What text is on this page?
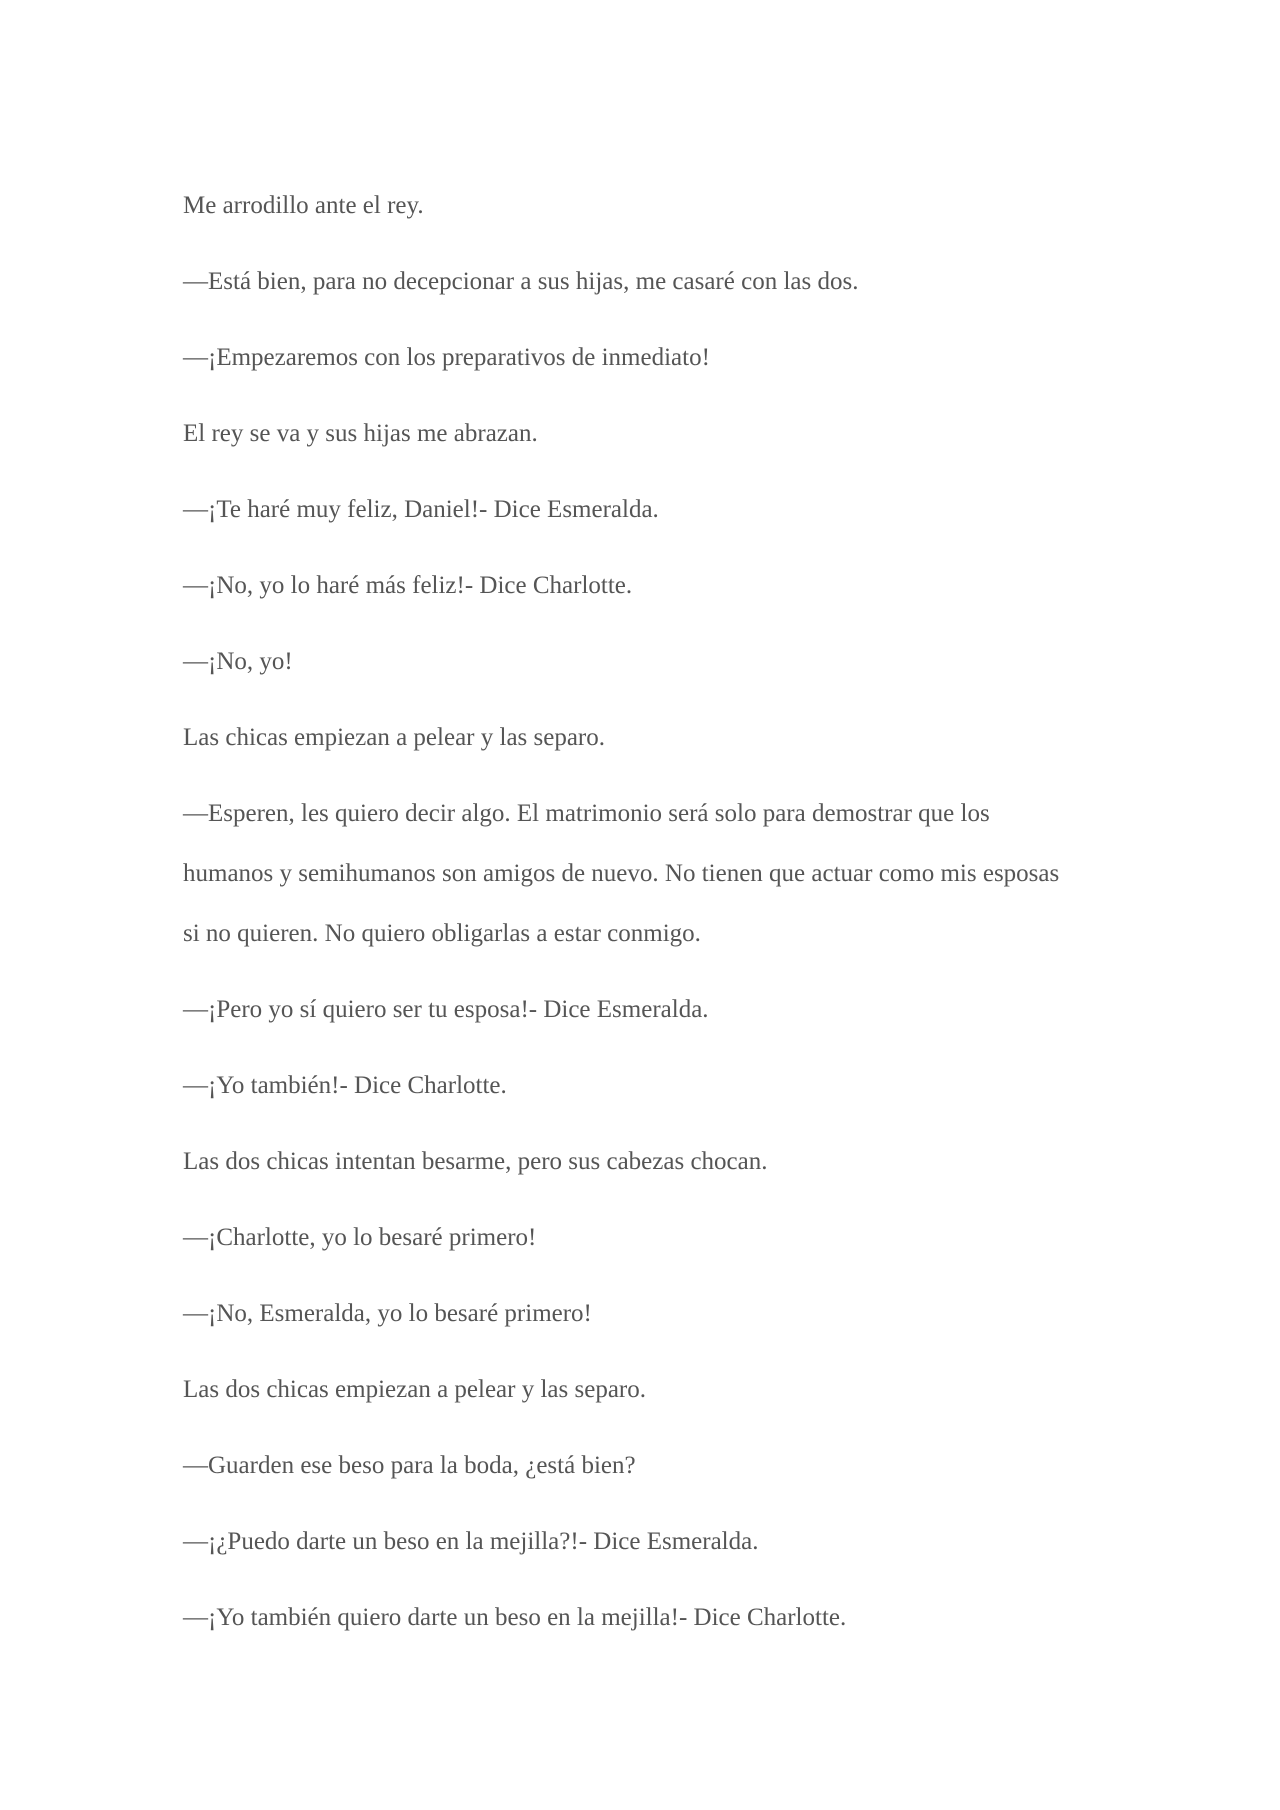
Me arrodillo ante el rey.

—Está bien, para no decepcionar a sus hijas, me casaré con las dos.

—¡Empezaremos con los preparativos de inmediato!

El rey se va y sus hijas me abrazan.

—¡Te haré muy feliz, Daniel!- Dice Esmeralda.

—¡No, yo lo haré más feliz!- Dice Charlotte.

—¡No, yo!

Las chicas empiezan a pelear y las separo.

—Esperen, les quiero decir algo. El matrimonio será solo para demostrar que los
humanos y semihumanos son amigos de nuevo. No tienen que actuar como mis esposas
si no quieren. No quiero obligarlas a estar conmigo.

—¡Pero yo sí quiero ser tu esposa!- Dice Esmeralda.

—¡Yo también!- Dice Charlotte.

Las dos chicas intentan besarme, pero sus cabezas chocan.

—¡Charlotte, yo lo besaré primero!

—¡No, Esmeralda, yo lo besaré primero!

Las dos chicas empiezan a pelear y las separo.

—Guarden ese beso para la boda, ¿está bien?

—¡¿Puedo darte un beso en la mejilla?!- Dice Esmeralda.

—¡Yo también quiero darte un beso en la mejilla!- Dice Charlotte.
